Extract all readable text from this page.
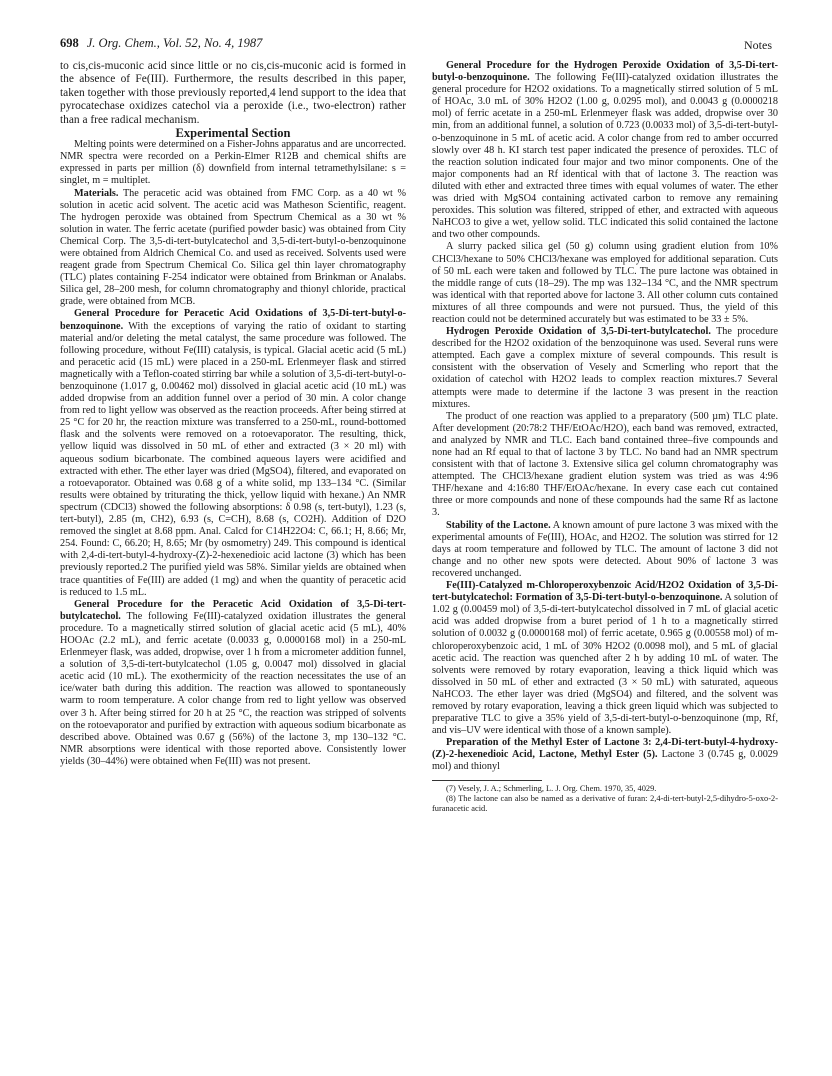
698 J. Org. Chem., Vol. 52, No. 4, 1987	Notes

to cis,cis-muconic acid since little or no cis,cis-muconic acid is formed in the absence of Fe(III). Furthermore, the results described in this paper, taken together with those previously reported,4 lend support to the idea that pyrocatechase oxidizes catechol via a peroxide (i.e., two-electron) rather than a free radical mechanism.

Experimental Section

Melting points were determined on a Fisher-Johns apparatus and are uncorrected. NMR spectra were recorded on a Perkin-Elmer R12B and chemical shifts are expressed in parts per million (δ) downfield from internal tetramethylsilane: s = singlet, m = multiplet.

Materials. The peracetic acid was obtained from FMC Corp. as a 40 wt % solution in acetic acid solvent. The acetic acid was Matheson Scientific, reagent. The hydrogen peroxide was obtained from Spectrum Chemical as a 30 wt % solution in water. The ferric acetate (purified powder basic) was obtained from City Chemical Corp. The 3,5-di-tert-butylcatechol and 3,5-di-tert-butyl-o-benzoquinone were obtained from Aldrich Chemical Co. and used as received. Solvents used were reagent grade from Spectrum Chemical Co. Silica gel thin layer chromatography (TLC) plates containing F-254 indicator were obtained from Brinkman or Analabs. Silica gel, 28–200 mesh, for column chromatography and thionyl chloride, practical grade, were obtained from MCB.

General Procedure for Peracetic Acid Oxidations of 3,5-Di-tert-butyl-o-benzoquinone. With the exceptions of varying the ratio of oxidant to starting material and/or deleting the metal catalyst, the same procedure was followed. The following procedure, without Fe(III) catalysis, is typical. Glacial acetic acid (5 mL) and peracetic acid (15 mL) were placed in a 250-mL Erlenmeyer flask and stirred magnetically with a Teflon-coated stirring bar while a solution of 3,5-di-tert-butyl-o-benzoquinone (1.017 g, 0.00462 mol) dissolved in glacial acetic acid (10 mL) was added dropwise from an addition funnel over a period of 30 min. A color change from red to light yellow was observed as the reaction proceeds. After being stirred at 25 °C for 20 hr, the reaction mixture was transferred to a 250-mL, round-bottomed flask and the solvents were removed on a rotoevaporator. The resulting, thick, yellow liquid was dissolved in 50 mL of ether and extracted (3 × 20 ml) with aqueous sodium bicarbonate. The combined aqueous layers were acidified and extracted with ether. The ether layer was dried (MgSO4), filtered, and evaporated on a rotoevaporator. Obtained was 0.68 g of a white solid, mp 133–134 °C. (Similar results were obtained by triturating the thick, yellow liquid with hexane.) An NMR spectrum (CDCl3) showed the following absorptions: δ 0.98 (s, tert-butyl), 1.23 (s, tert-butyl), 2.85 (m, CH2), 6.93 (s, C=CH), 8.68 (s, CO2H). Addition of D2O removed the singlet at 8.68 ppm. Anal. Calcd for C14H22O4: C, 66.1; H, 8.66; Mr, 254. Found: C, 66.20; H, 8.65; Mr (by osmometry) 249. This compound is identical with 2,4-di-tert-butyl-4-hydroxy-(Z)-2-hexenedioic acid lactone (3) which has been previously reported.2 The purified yield was 58%. Similar yields are obtained when trace quantities of Fe(III) are added (1 mg) and when the quantity of peracetic acid is reduced to 1.5 mL.

General Procedure for the Peracetic Acid Oxidation of 3,5-Di-tert-butylcatechol. The following Fe(III)-catalyzed oxidation illustrates the general procedure. To a magnetically stirred solution of glacial acetic acid (5 mL), 40% HOOAc (2.2 mL), and ferric acetate (0.0033 g, 0.0000168 mol) in a 250-mL Erlenmeyer flask, was added, dropwise, over 1 h from a micrometer addition funnel, a solution of 3,5-di-tert-butylcatechol (1.05 g, 0.0047 mol) dissolved in glacial acetic acid (10 mL). The exothermicity of the reaction necessitates the use of an ice/water bath during this addition. The reaction was allowed to spontaneously warm to room temperature. A color change from red to light yellow was observed over 3 h. After being stirred for 20 h at 25 °C, the reaction was stripped of solvents on the rotoevaporator and purified by extraction with aqueous sodium bicarbonate as described above. Obtained was 0.67 g (56%) of the lactone 3, mp 130–132 °C. NMR absorptions were identical with those reported above. Consistently lower yields (30–44%) were obtained when Fe(III) was not present.

General Procedure for the Hydrogen Peroxide Oxidation of 3,5-Di-tert-butyl-o-benzoquinone. The following Fe(III)-catalyzed oxidation illustrates the general procedure for H2O2 oxidations. To a magnetically stirred solution of 5 mL of HOAc, 3.0 mL of 30% H2O2 (1.00 g, 0.0295 mol), and 0.0043 g (0.0000218 mol) of ferric acetate in a 250-mL Erlenmeyer flask was added, dropwise over 30 min, from an additional funnel, a solution of 0.723 (0.0033 mol) of 3,5-di-tert-butyl-o-benzoquinone in 5 mL of acetic acid. A color change from red to amber occurred slowly over 48 h. KI starch test paper indicated the presence of peroxides. TLC of the reaction solution indicated four major and two minor components. One of the major components had an Rf identical with that of lactone 3. The reaction was diluted with ether and extracted three times with equal volumes of water. The ether was dried with MgSO4 containing activated carbon to remove any remaining peroxides. This solution was filtered, stripped of ether, and extracted with aqueous NaHCO3 to give a wet, yellow solid. TLC indicated this solid contained the lactone and two other compounds.

A slurry packed silica gel (50 g) column using gradient elution from 10% CHCl3/hexane to 50% CHCl3/hexane was employed for additional separation. Cuts of 50 mL each were taken and followed by TLC. The pure lactone was obtained in the middle range of cuts (18–29). The mp was 132–134 °C, and the NMR spectrum was identical with that reported above for lactone 3. All other column cuts contained mixtures of all three compounds and were not pursued. Thus, the yield of this reaction could not be determined accurately but was estimated to be 33 ± 5%.

Hydrogen Peroxide Oxidation of 3,5-Di-tert-butylcatechol. The procedure described for the H2O2 oxidation of the benzoquinone was used. Several runs were attempted. Each gave a complex mixture of several compounds. This result is consistent with the observation of Vesely and Scmerling who report that the oxidation of catechol with H2O2 leads to complex reaction mixtures.7 Several attempts were made to determine if the lactone 3 was present in the reaction mixtures.

The product of one reaction was applied to a preparatory (500 µm) TLC plate. After development (20:78:2 THF/EtOAc/H2O), each band was removed, extracted, and analyzed by NMR and TLC. Each band contained three–five compounds and none had an Rf equal to that of lactone 3 by TLC. No band had an NMR spectrum consistent with that of lactone 3. Extensive silica gel column chromatography was attempted. The CHCl3/hexane gradient elution system was tried as was 4:96 THF/hexane and 4:16:80 THF/EtOAc/hexane. In every case each cut contained three or more compounds and none of these compounds had the same Rf as lactone 3.

Stability of the Lactone. A known amount of pure lactone 3 was mixed with the experimental amounts of Fe(III), HOAc, and H2O2. The solution was stirred for 12 days at room temperature and followed by TLC. The amount of lactone 3 did not change and no other new spots were detected. About 90% of lactone 3 was recovered unchanged.

Fe(III)-Catalyzed m-Chloroperoxybenzoic Acid/H2O2 Oxidation of 3,5-Di-tert-butylcatechol: Formation of 3,5-Di-tert-butyl-o-benzoquinone. A solution of 1.02 g (0.00459 mol) of 3,5-di-tert-butylcatechol dissolved in 7 mL of glacial acetic acid was added dropwise from a buret period of 1 h to a magnetically stirred solution of 0.0032 g (0.0000168 mol) of ferric acetate, 0.965 g (0.00558 mol) of m-chloroperoxybenzoic acid, 1 mL of 30% H2O2 (0.0098 mol), and 5 mL of glacial acetic acid. The reaction was quenched after 2 h by adding 10 mL of water. The solvents were removed by rotary evaporation, leaving a thick liquid which was dissolved in 50 mL of ether and extracted (3 × 50 mL) with saturated, aqueous NaHCO3. The ether layer was dried (MgSO4) and filtered, and the solvent was removed by rotary evaporation, leaving a thick green liquid which was subjected to preparative TLC to give a 35% yield of 3,5-di-tert-butyl-o-benzoquinone (mp, Rf, and vis–UV were identical with those of a known sample).

Preparation of the Methyl Ester of Lactone 3: 2,4-Di-tert-butyl-4-hydroxy-(Z)-2-hexenedioic Acid, Lactone, Methyl Ester (5). Lactone 3 (0.745 g, 0.0029 mol) and thionyl

(7) Vesely, J. A.; Schmerling, L. J. Org. Chem. 1970, 35, 4029.

(8) The lactone can also be named as a derivative of furan: 2,4-di-tert-butyl-2,5-dihydro-5-oxo-2-furanacetic acid.
